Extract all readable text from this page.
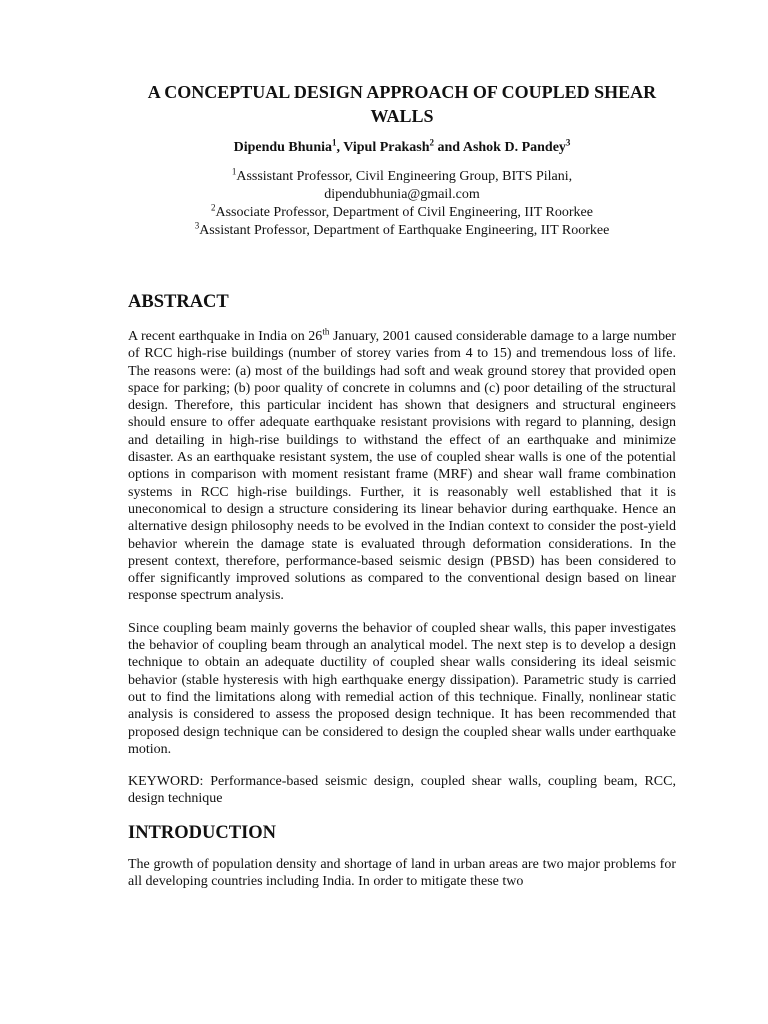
A CONCEPTUAL DESIGN APPROACH OF COUPLED SHEAR WALLS
Dipendu Bhunia$^1$, Vipul Prakash$^2$ and Ashok D. Pandey$^3$
$^1$Asssistant Professor, Civil Engineering Group, BITS Pilani,
dipendubhunia@gmail.com
$^2$Associate Professor, Department of Civil Engineering, IIT Roorkee
$^3$Assistant Professor, Department of Earthquake Engineering, IIT Roorkee
ABSTRACT

A recent earthquake in India on 26th January, 2001 caused considerable damage to a large number of RCC high-rise buildings (number of storey varies from 4 to 15) and tremendous loss of life. The reasons were: (a) most of the buildings had soft and weak ground storey that provided open space for parking; (b) poor quality of concrete in columns and (c) poor detailing of the structural design. Therefore, this particular incident has shown that designers and structural engineers should ensure to offer adequate earthquake resistant provisions with regard to planning, design and detailing in high-rise buildings to withstand the effect of an earthquake and minimize disaster. As an earthquake resistant system, the use of coupled shear walls is one of the potential options in comparison with moment resistant frame (MRF) and shear wall frame combination systems in RCC high-rise buildings. Further, it is reasonably well established that it is uneconomical to design a structure considering its linear behavior during earthquake. Hence an alternative design philosophy needs to be evolved in the Indian context to consider the post-yield behavior wherein the damage state is evaluated through deformation considerations. In the present context, therefore, performance-based seismic design (PBSD) has been considered to offer significantly improved solutions as compared to the conventional design based on linear response spectrum analysis.

Since coupling beam mainly governs the behavior of coupled shear walls, this paper investigates the behavior of coupling beam through an analytical model. The next step is to develop a design technique to obtain an adequate ductility of coupled shear walls considering its ideal seismic behavior (stable hysteresis with high earthquake energy dissipation). Parametric study is carried out to find the limitations along with remedial action of this technique. Finally, nonlinear static analysis is considered to assess the proposed design technique. It has been recommended that proposed design technique can be considered to design the coupled shear walls under earthquake motion.

KEYWORD: Performance-based seismic design, coupled shear walls, coupling beam, RCC, design technique

INTRODUCTION

The growth of population density and shortage of land in urban areas are two major problems for all developing countries including India. In order to mitigate these two
